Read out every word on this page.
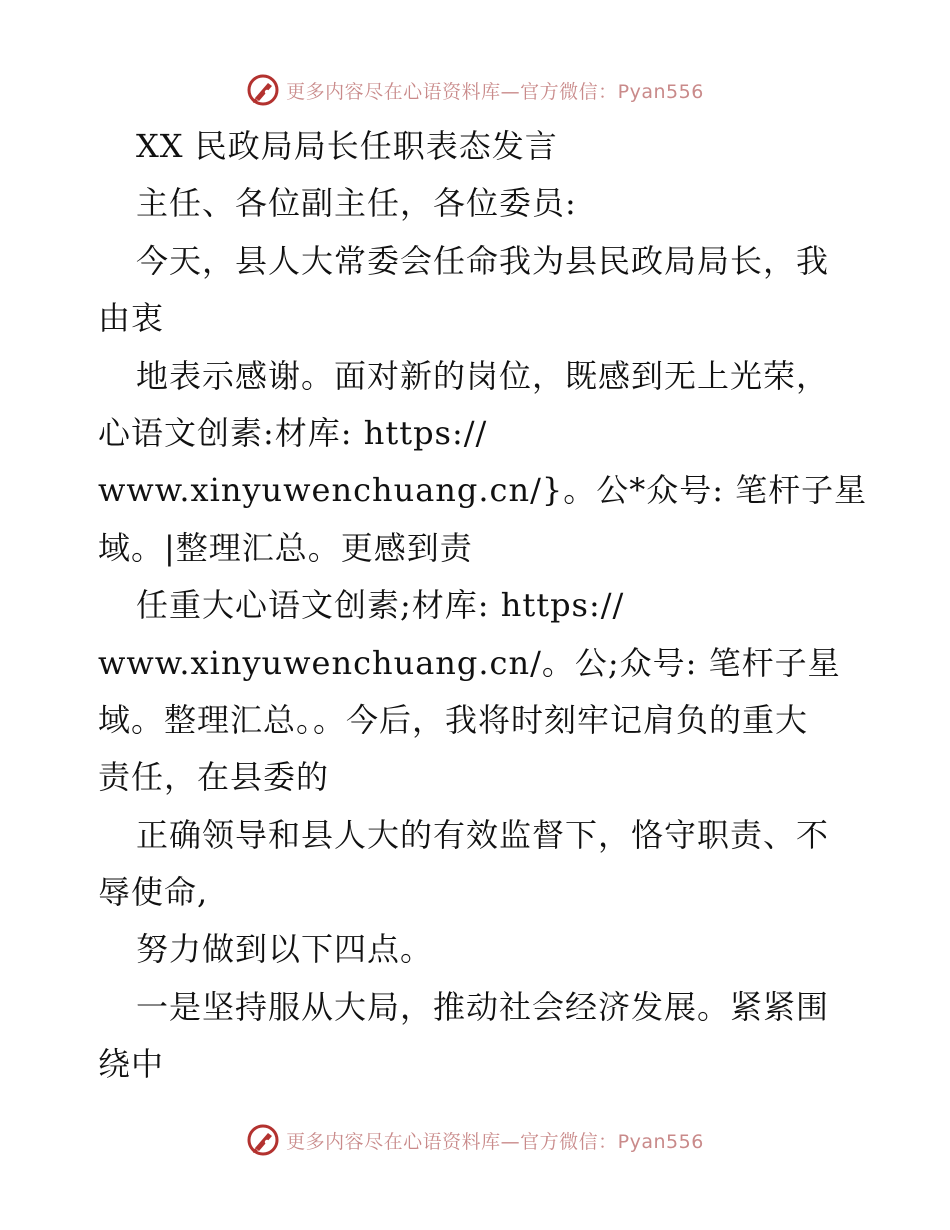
更多内容尽在心语资料库—官方微信：Pyan556
XX 民政局局长任职表态发言
主任、各位副主任，各位委员:
今天，县人大常委会任命我为县民政局局长，我
由衷
地表示感谢。面对新的岗位，既感到无上光荣，
心语文创素:材库: https://
www.xinyuwenchuang.cn/}。公*众号: 笔杆子星
域。|整理汇总。更感到责
任重大心语文创素;材库: https://
www.xinyuwenchuang.cn/。公;众号: 笔杆子星
域。整理汇总。。今后，我将时刻牢记肩负的重大
责任，在县委的
正确领导和县人大的有效监督下，恪守职责、不
辱使命,
努力做到以下四点。
一是坚持服从大局，推动社会经济发展。紧紧围
绕中
更多内容尽在心语资料库—官方微信：Pyan556
